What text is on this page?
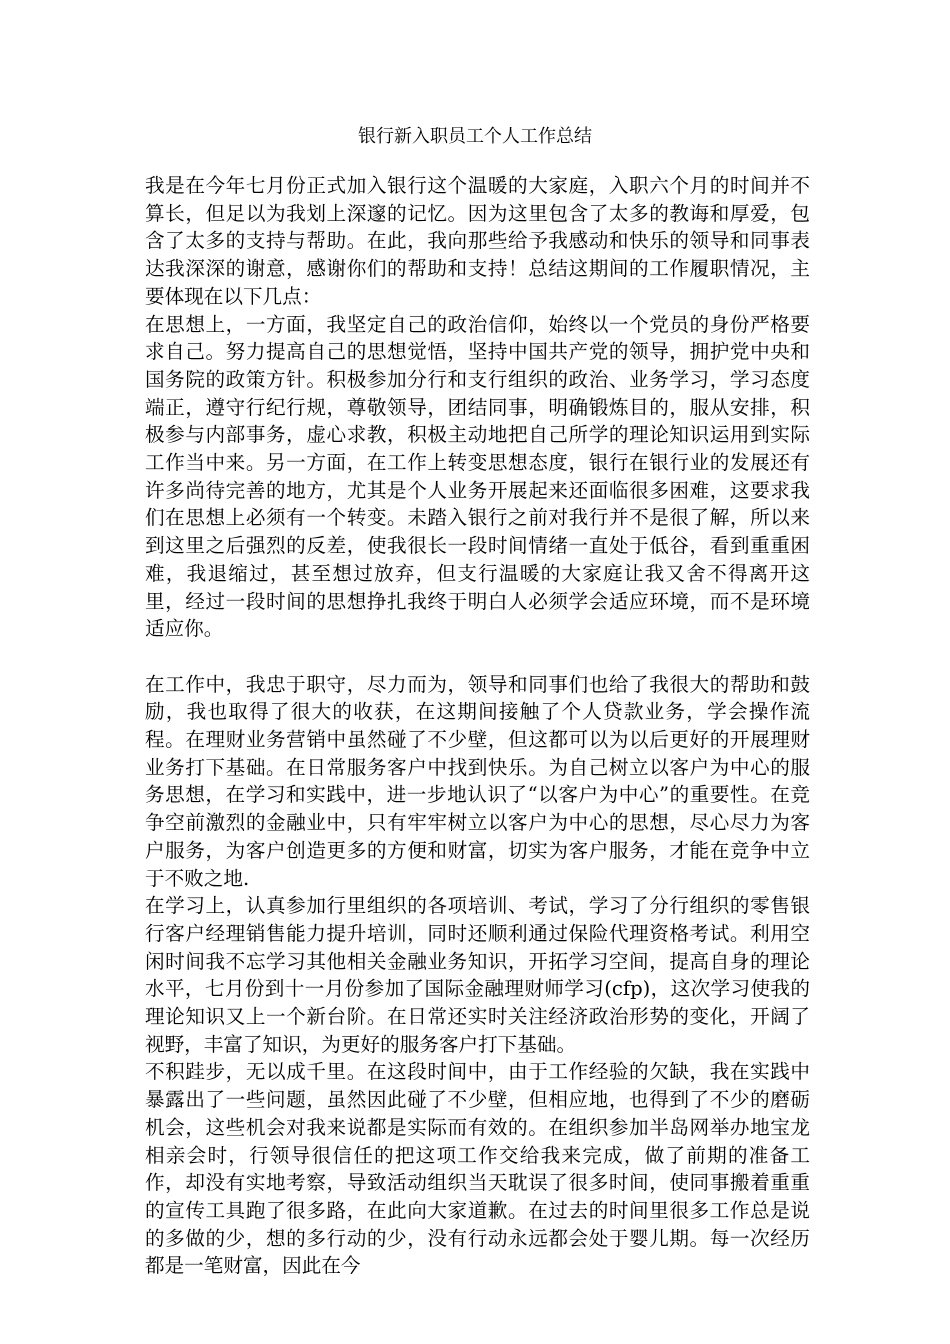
银行新入职员工个人工作总结

我是在今年七月份正式加入银行这个温暖的大家庭，入职六个月的时间并不算长，但足以为我划上深邃的记忆。因为这里包含了太多的教诲和厚爱，包含了太多的支持与帮助。在此，我向那些给予我感动和快乐的领导和同事表达我深深的谢意，感谢你们的帮助和支持！总结这期间的工作履职情况，主要体现在以下几点：

在思想上，一方面，我坚定自己的政治信仰，始终以一个党员的身份严格要求自己。努力提高自己的思想觉悟，坚持中国共产党的领导，拥护党中央和国务院的政策方针。积极参加分行和支行组织的政治、业务学习，学习态度端正，遵守行纪行规，尊敬领导，团结同事，明确锻炼目的，服从安排，积极参与内部事务，虚心求教，积极主动地把自己所学的理论知识运用到实际工作当中来。另一方面，在工作上转变思想态度，银行在银行业的发展还有许多尚待完善的地方，尤其是个人业务开展起来还面临很多困难，这要求我们在思想上必须有一个转变。未踏入银行之前对我行并不是很了解，所以来到这里之后强烈的反差，使我很长一段时间情绪一直处于低谷，看到重重困难，我退缩过，甚至想过放弃，但支行温暖的大家庭让我又舍不得离开这里，经过一段时间的思想挣扎我终于明白人必须学会适应环境，而不是环境适应你。

在工作中，我忠于职守，尽力而为，领导和同事们也给了我很大的帮助和鼓励，我也取得了很大的收获，在这期间接触了个人贷款业务，学会操作流程。在理财业务营销中虽然碰了不少壁，但这都可以为以后更好的开展理财业务打下基础。在日常服务客户中找到快乐。为自己树立以客户为中心的服务思想，在学习和实践中，进一步地认识了“以客户为中心”的重要性。在竞争空前激烈的金融业中，只有牢牢树立以客户为中心的思想，尽心尽力为客户服务，为客户创造更多的方便和财富，切实为客户服务，才能在竞争中立于不败之地.

在学习上，认真参加行里组织的各项培训、考试，学习了分行组织的零售银行客户经理销售能力提升培训，同时还顺利通过保险代理资格考试。利用空闲时间我不忘学习其他相关金融业务知识，开拓学习空间，提高自身的理论水平，七月份到十一月份参加了国际金融理财师学习(cfp)，这次学习使我的理论知识又上一个新台阶。在日常还实时关注经济政治形势的变化，开阔了视野，丰富了知识，为更好的服务客户打下基础。

不积跬步，无以成千里。在这段时间中，由于工作经验的欠缺，我在实践中暴露出了一些问题，虽然因此碰了不少壁，但相应地，也得到了不少的磨砺机会，这些机会对我来说都是实际而有效的。在组织参加半岛网举办地宝龙相亲会时，行领导很信任的把这项工作交给我来完成，做了前期的准备工作，却没有实地考察，导致活动组织当天耽误了很多时间，使同事搬着重重的宣传工具跑了很多路，在此向大家道歉。在过去的时间里很多工作总是说的多做的少，想的多行动的少，没有行动永远都会处于婴儿期。每一次经历都是一笔财富，因此在今
